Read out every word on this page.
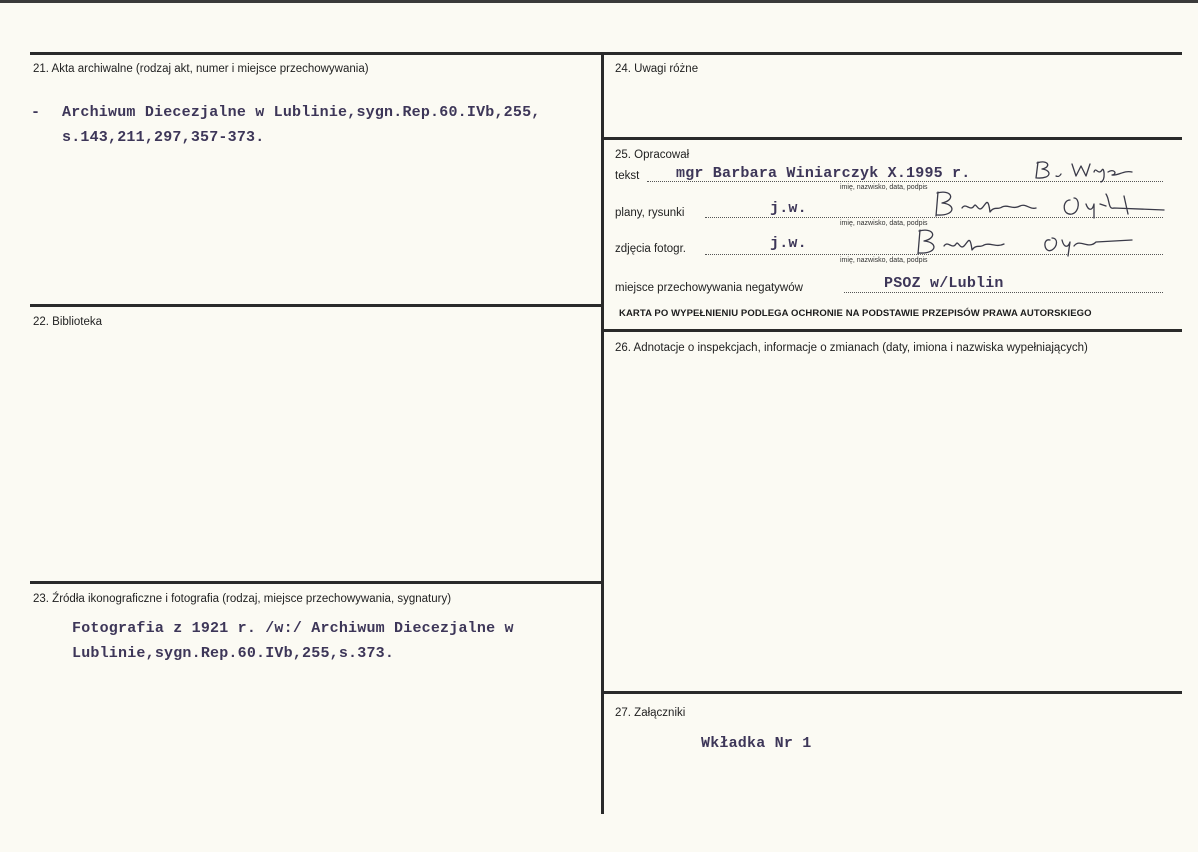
21. Akta archiwalne (rodzaj akt, numer i miejsce przechowywania)
- Archiwum Diecezjalne w Lublinie,sygn.Rep.60.IVb,255,
s.143,211,297,357-373.
22. Biblioteka
23. Źródła ikonograficzne i fotografia (rodzaj, miejsce przechowywania, sygnatury)
Fotografia z 1921 r. /w:/ Archiwum Diecezjalne w
Lublinie,sygn.Rep.60.IVb,255,s.373.
24. Uwagi różne
25. Opracował
tekst mgr Barbara Winiarczyk X.1995 r.
imię, nazwisko, data, podpis
plany, rysunki	j.w.
imię, nazwisko, data, podpis
zdjęcia fotogr.	j.w.
imię, nazwisko, data, podpis
miejsce przechowywania negatywów	PSOZ w/Lublin
KARTA PO WYPEŁNIENIU PODLEGA OCHRONIE NA PODSTAWIE PRZEPISÓW PRAWA AUTORSKIEGO
26. Adnotacje o inspekcjach, informacje o zmianach (daty, imiona i nazwiska wypełniających)
27. Załączniki
Wkładka Nr 1
